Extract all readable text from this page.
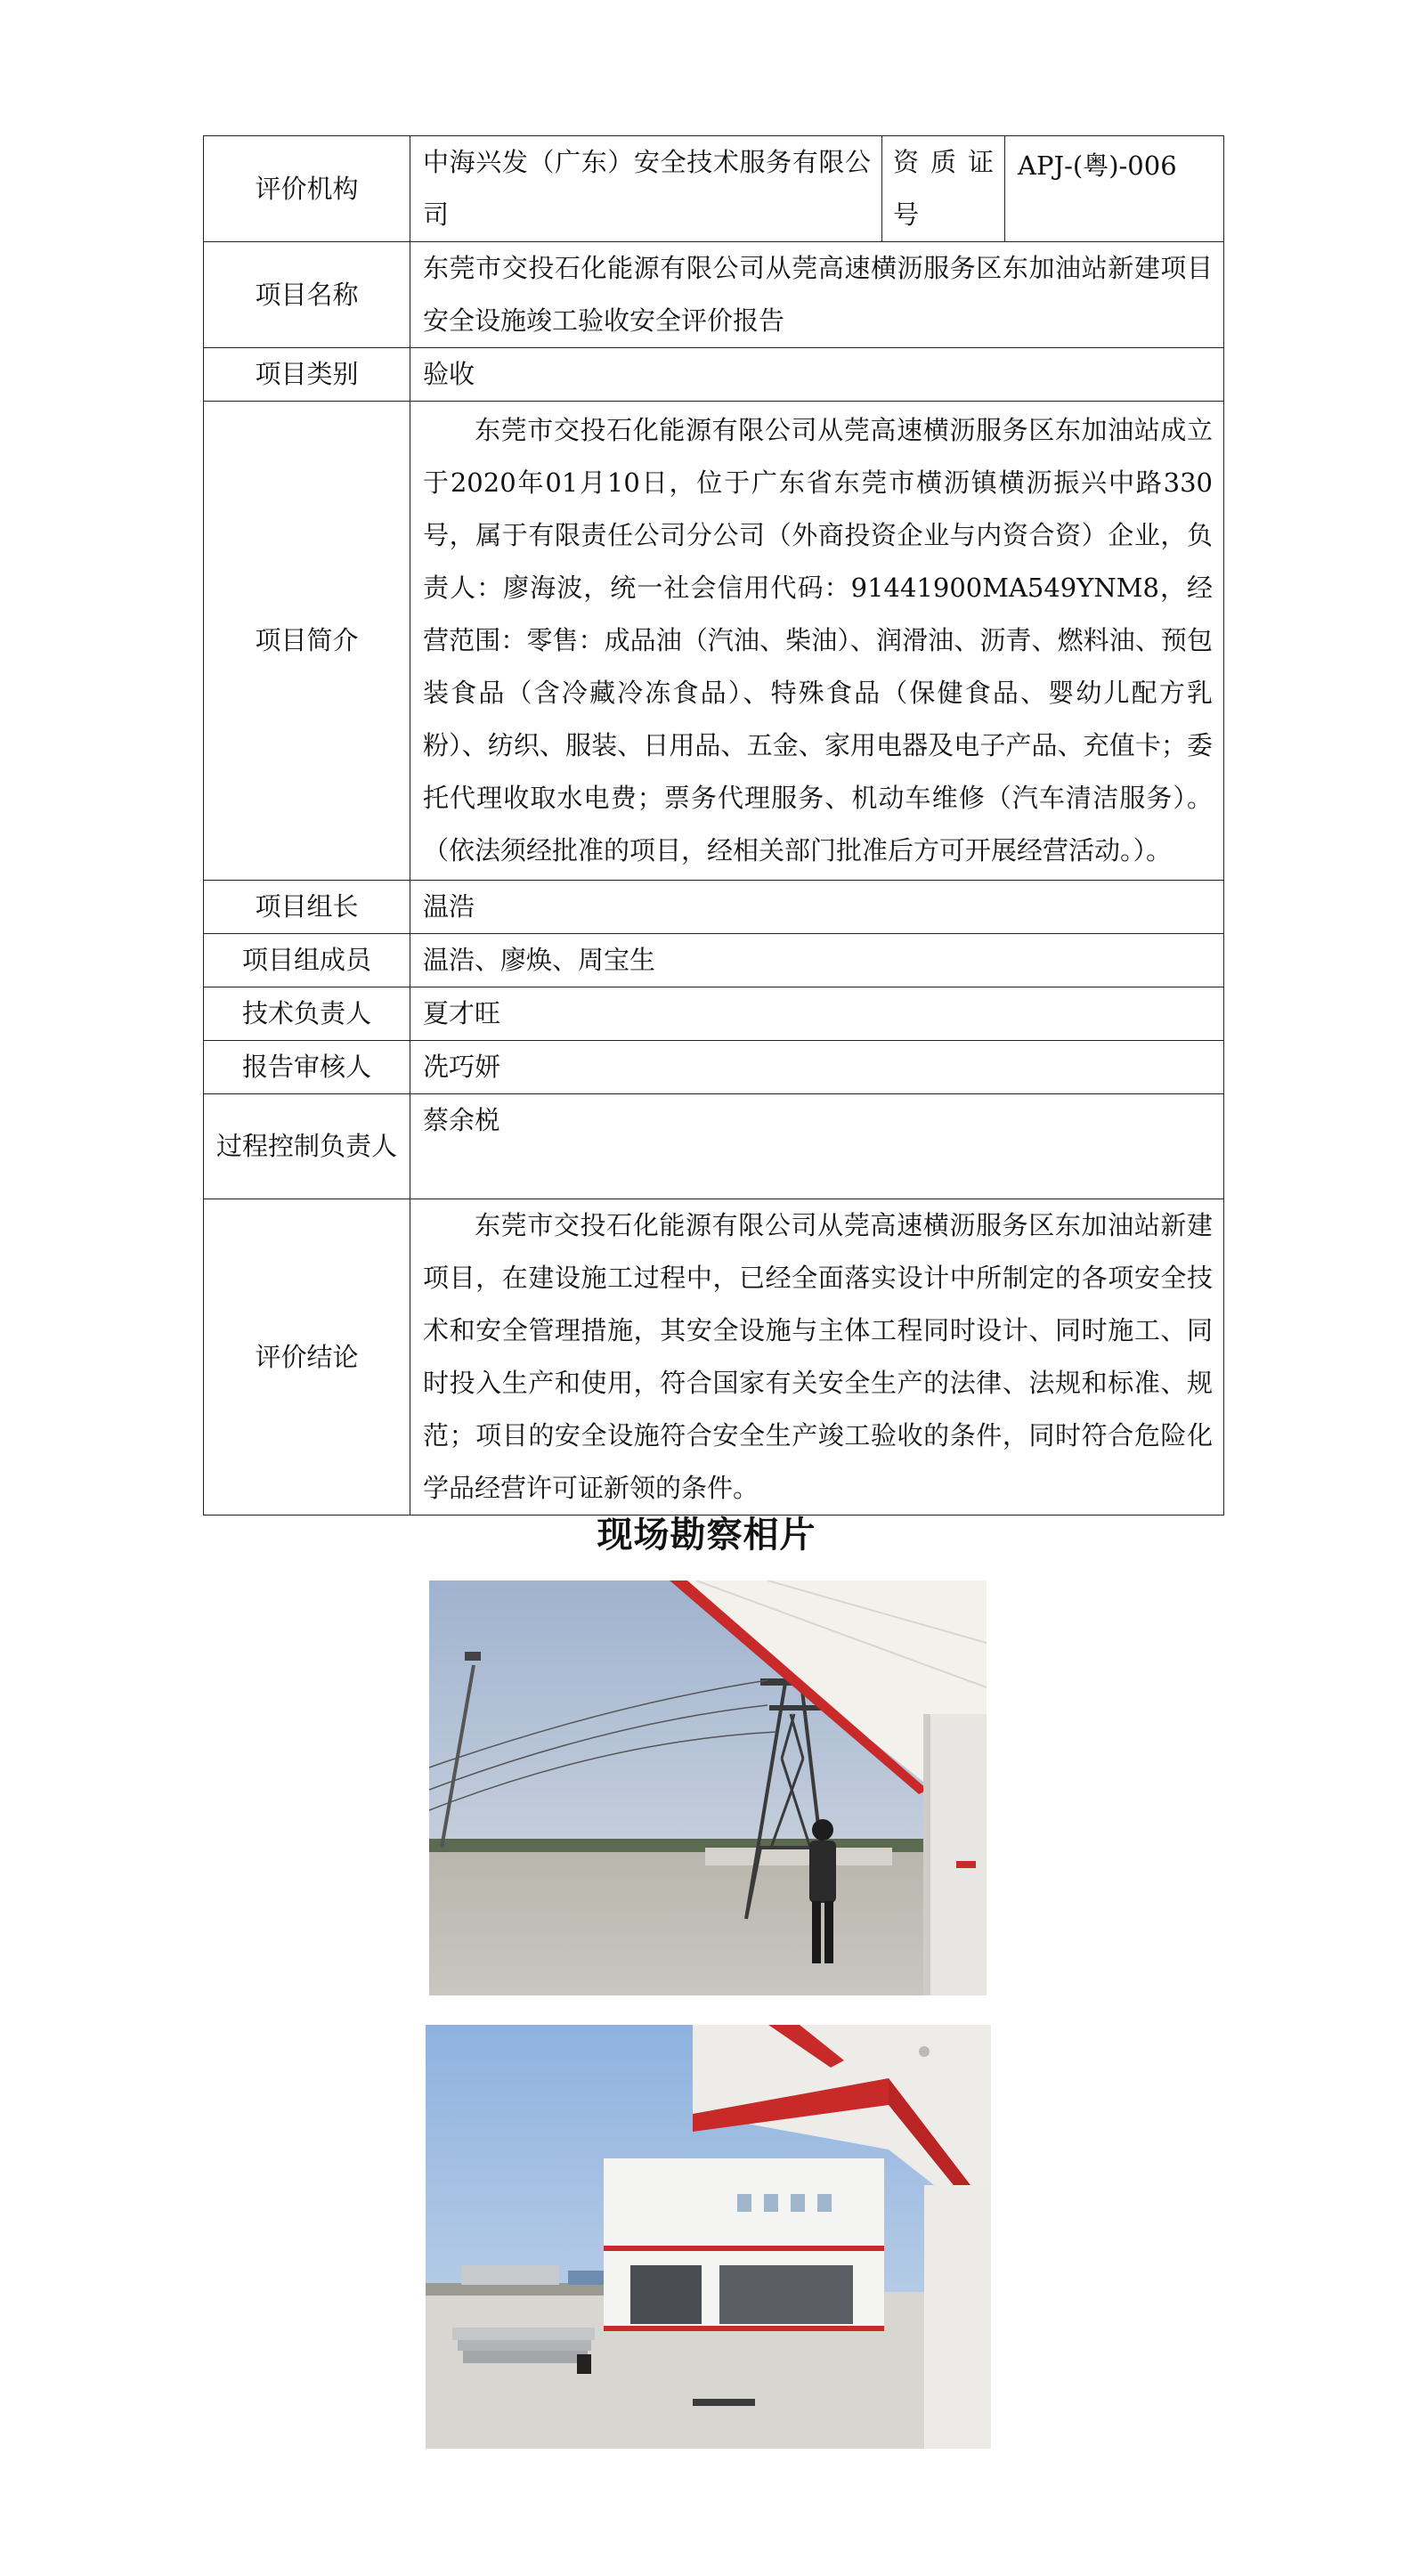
评价机构	中海兴发（广东）安全技术服务有限公司	资质证号	APJ-(粤)-006
项目名称	东莞市交投石化能源有限公司从莞高速横沥服务区东加油站新建项目安全设施竣工验收安全评价报告		
项目类别	验收		
项目简介	东莞市交投石化能源有限公司从莞高速横沥服务区东加油站成立于2020年01月10日，位于广东省东莞市横沥镇横沥振兴中路330号，属于有限责任公司分公司（外商投资企业与内资合资）企业，负责人：廖海波，统一社会信用代码：91441900MA549YNM8，经营范围：零售：成品油（汽油、柴油）、润滑油、沥青、燃料油、预包装食品（含冷藏冷冻食品）、特殊食品（保健食品、婴幼儿配方乳粉）、纺织、服装、日用品、五金、家用电器及电子产品、充值卡；委托代理收取水电费；票务代理服务、机动车维修（汽车清洁服务）。（依法须经批准的项目，经相关部门批准后方可开展经营活动。）。		
项目组长	温浩		
项目组成员	温浩、廖焕、周宝生		
技术负责人	夏才旺		
报告审核人	冼巧妍		
过程控制负责人	蔡余棁		
评价结论	东莞市交投石化能源有限公司从莞高速横沥服务区东加油站新建项目，在建设施工过程中，已经全面落实设计中所制定的各项安全技术和安全管理措施，其安全设施与主体工程同时设计、同时施工、同时投入生产和使用，符合国家有关安全生产的法律、法规和标准、规范；项目的安全设施符合安全生产竣工验收的条件，同时符合危险化学品经营许可证新领的条件。		
现场勘察相片
